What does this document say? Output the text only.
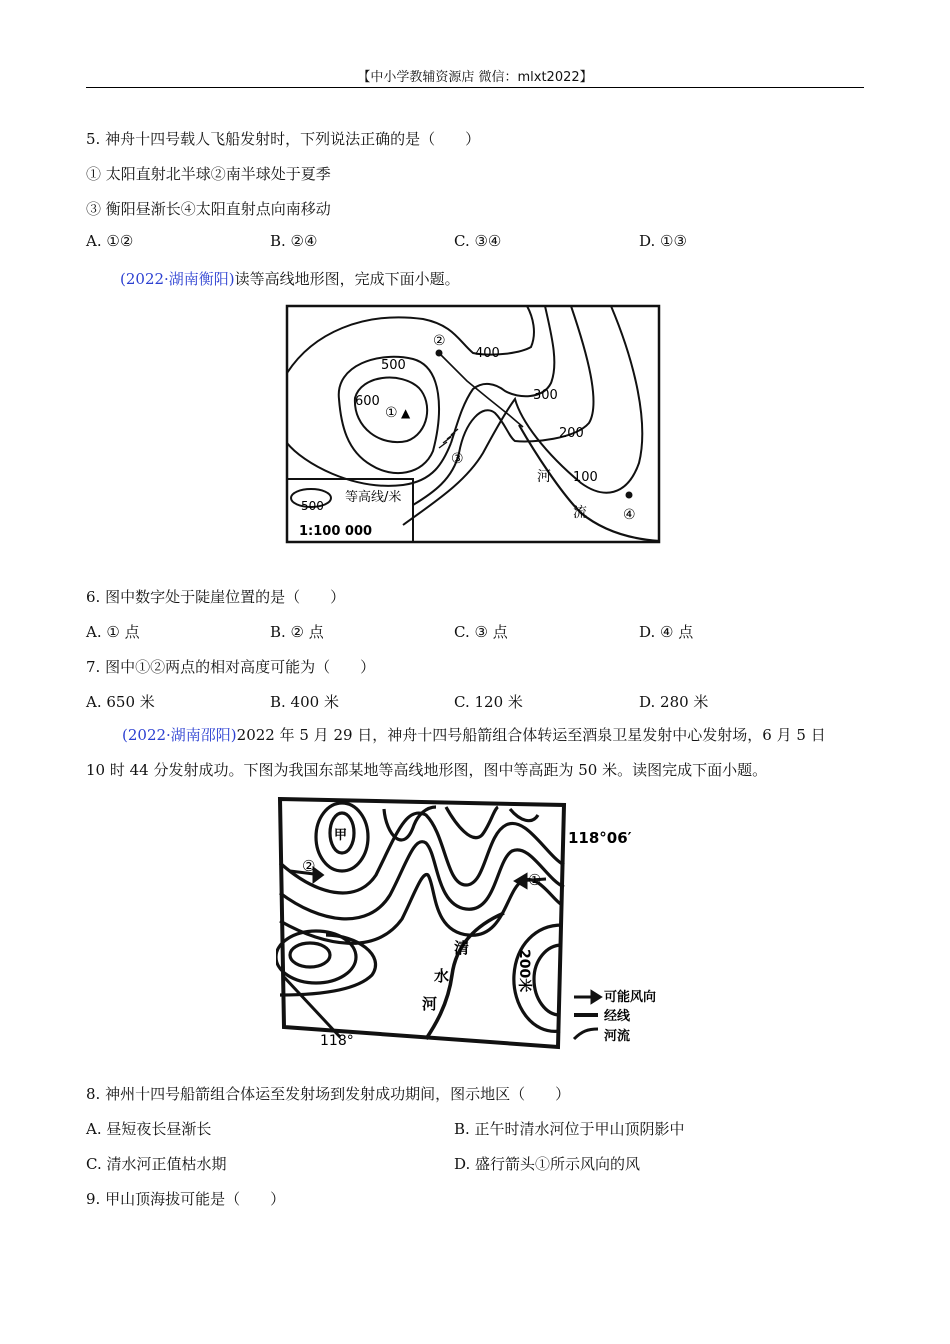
【中小学教辅资源店 微信：mlxt2022】
5. 神舟十四号载人飞船发射时，下列说法正确的是（　　）
① 太阳直射北半球②南半球处于夏季
③ 衡阳昼渐长④太阳直射点向南移动
A. ①②	B. ②④	C. ③④	D. ①③
(2022·湖南衡阳)读等高线地形图，完成下面小题。
600
500
400
300
200
100
① ▲
②
③
④
河
流
500
等高线/米
1:100 000
6. 图中数字处于陡崖位置的是（　　）
A. ① 点	B. ② 点	C. ③ 点	D. ④ 点
7. 图中①②两点的相对高度可能为（　　）
A. 650 米	B. 400 米	C. 120 米	D. 280 米
(2022·湖南邵阳)2022 年 5 月 29 日，神舟十四号船箭组合体转运至酒泉卫星发射中心发射场，6 月 5 日
10 时 44 分发射成功。下图为我国东部某地等高线地形图，图中等高距为 50 米。读图完成下面小题。
甲
②
①
118°06′
118°
200米
清
水
河	可能风向
经线
河流
8. 神州十四号船箭组合体运至发射场到发射成功期间，图示地区（　　）
A. 昼短夜长昼渐长	B. 正午时清水河位于甲山顶阴影中
C. 清水河正值枯水期	D. 盛行箭头①所示风向的风
9. 甲山顶海拔可能是（　　）
